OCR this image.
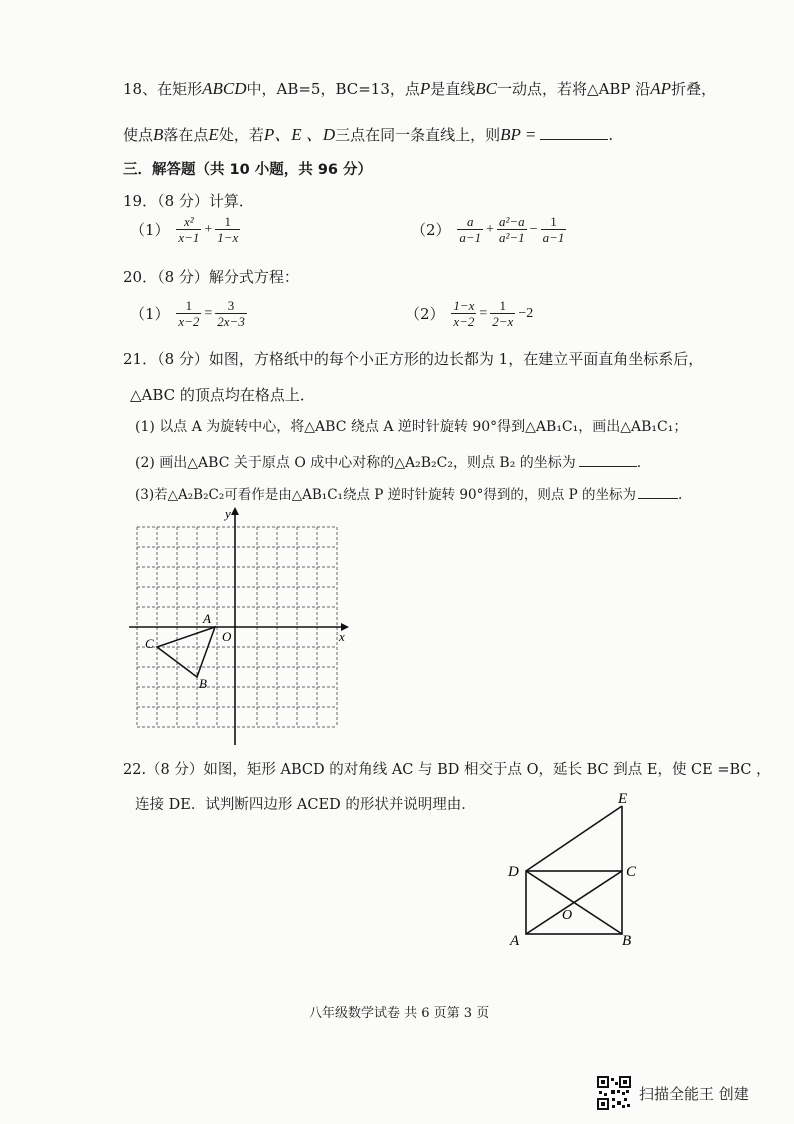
18、在矩形ABCD中，AB=5，BC=13，点P是直线BC一动点，若将△ABP 沿AP折叠，
使点B落在点E处，若P、E 、D三点在同一条直线上，则BP =	.
三．解答题（共 10 小题，共 96 分）
19．（8 分）计算．
$(1) \frac{\text{x²}}{x-1} + \frac{1}{1-x}$	$(2) \frac{a}{a-1} + \frac{\text{a²−a}}{\text{a²−1}} - \frac{1}{a-1}$
20．（8 分）解分式方程：
$(1) \frac{1}{x-2} = \frac{3}{2x-3}$	$(2) \frac{1-x}{x-2} = \frac{1}{2-x} -2$
21．（8 分）如图，方格纸中的每个小正方形的边长都为 1，在建立平面直角坐标系后，
△ABC 的顶点均在格点上．
(1) 以点 A 为旋转中心，将△ABC 绕点 A 逆时针旋转 90°得到△AB₁C₁，画出△AB₁C₁；
(2) 画出△ABC 关于原点 O 成中心对称的△A₂B₂C₂，则点 B₂ 的坐标为	.
(3)若△A₂B₂C₂可看作是由△AB₁C₁绕点 P 逆时针旋转 90°得到的，则点 P 的坐标为	.
x
y
O
A
B
C
22.（8 分）如图，矩形 ABCD 的对角线 AC 与 BD 相交于点 O，延长 BC 到点 E，使 CE =BC ，
连接 DE．试判断四边形 ACED 的形状并说明理由．	E
D	C
O
A	B
八年级数学试卷 共 6 页第 3 页
扫描全能王 创建
